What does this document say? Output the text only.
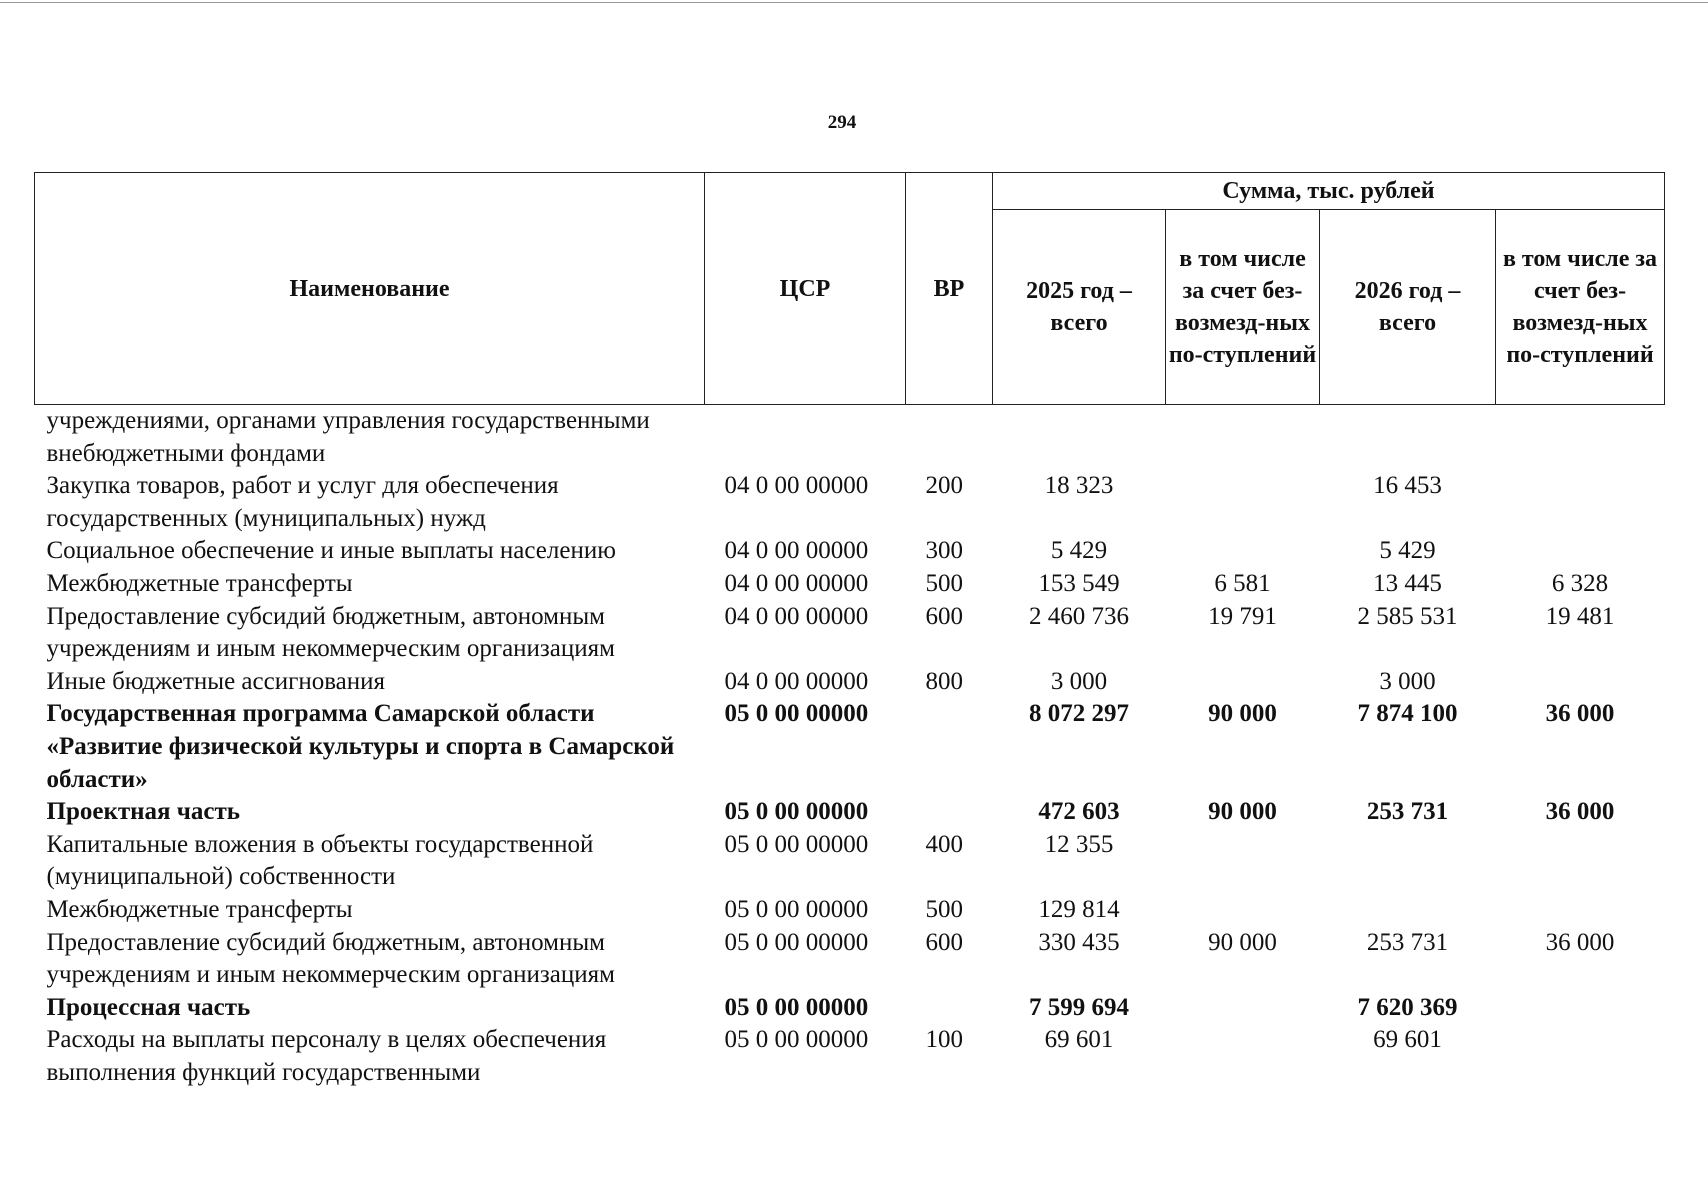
294
Наименование	ЦСР	ВР	Сумма, тыс. рублей			
			2025 год – всего	в том числе за счет без-возмезд-ных по-ступлений	2026 год – всего	в том числе за счет без-возмезд-ных по-ступлений
учреждениями, органами управления государственными внебюджетными фондами						
Закупка товаров, работ и услуг для обеспечения государственных (муниципальных) нужд	04 0 00 00000	200	18 323		16 453	
Социальное обеспечение и иные выплаты населению	04 0 00 00000	300	5 429		5 429	
Межбюджетные трансферты	04 0 00 00000	500	153 549	6 581	13 445	6 328
Предоставление субсидий бюджетным, автономным учреждениям и иным некоммерческим организациям	04 0 00 00000	600	2 460 736	19 791	2 585 531	19 481
Иные бюджетные ассигнования	04 0 00 00000	800	3 000		3 000	
Государственная программа Самарской области «Развитие физической культуры и спорта в Самарской области»	05 0 00 00000		8 072 297	90 000	7 874 100	36 000
Проектная часть	05 0 00 00000		472 603	90 000	253 731	36 000
Капитальные вложения в объекты государственной (муниципальной) собственности	05 0 00 00000	400	12 355			
Межбюджетные трансферты	05 0 00 00000	500	129 814			
Предоставление субсидий бюджетным, автономным учреждениям и иным некоммерческим организациям	05 0 00 00000	600	330 435	90 000	253 731	36 000
Процессная часть	05 0 00 00000		7 599 694		7 620 369	
Расходы на выплаты персоналу в целях обеспечения выполнения функций государственными	05 0 00 00000	100	69 601		69 601	
